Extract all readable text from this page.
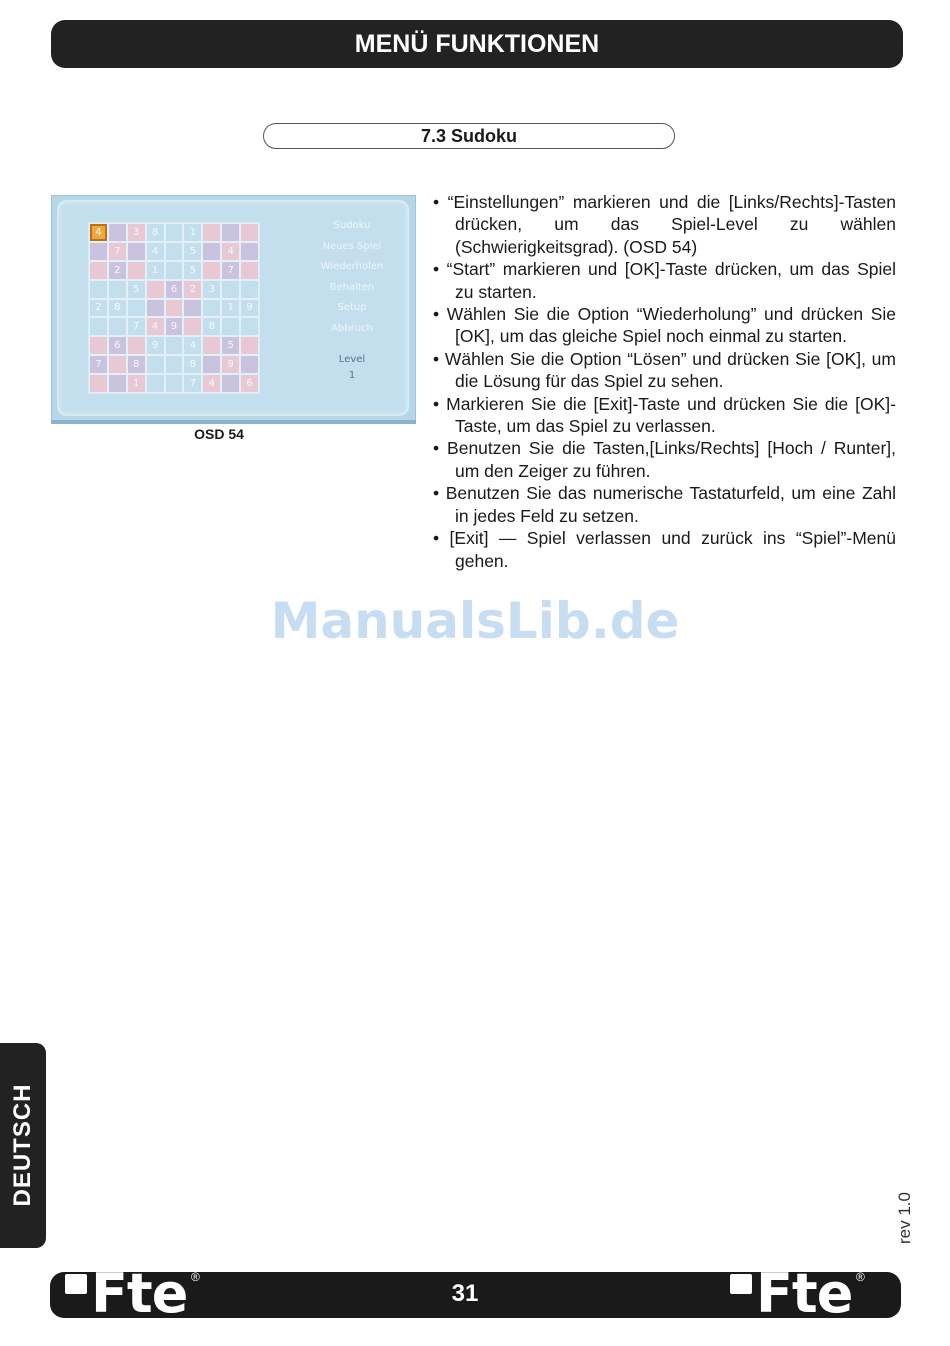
MENÜ FUNKTIONEN
7.3 Sudoku
4	3	8	1
7	4	5	4
2	1	5	7
5	6	2	3
2	8	1	9
7	4	9	8
6	9	4	5
7	8	8	9
1	7	4	6
Sudoku
Neues Spiel
Wiederholen
Behalten
Setup
Abbruch
Level
1
OSD 54
• “Einstellungen” markieren und die [Links/Rechts]-Tasten drücken, um das Spiel-Level zu wählen (Schwierigkeitsgrad). (OSD 54)
• “Start” markieren und [OK]-Taste drücken, um das Spiel zu starten.
• Wählen Sie die Option “Wiederholung” und drücken Sie [OK], um das gleiche Spiel noch einmal zu starten.
• Wählen Sie die Option “Lösen” und drücken Sie [OK], um die Lösung für das Spiel zu sehen.
• Markieren Sie die [Exit]-Taste und drücken Sie die [OK]-Taste, um das Spiel zu verlassen.
• Benutzen Sie die Tasten,[Links/Rechts] [Hoch / Runter], um den Zeiger zu führen.
• Benutzen Sie das numerische Tastaturfeld, um eine Zahl in jedes Feld zu setzen.
• [Exit] — Spiel verlassen und zurück ins “Spiel”-Menü gehen.
ManualsLib.de
DEUTSCH
rev 1.0
Fte ®
31	Fte ®
